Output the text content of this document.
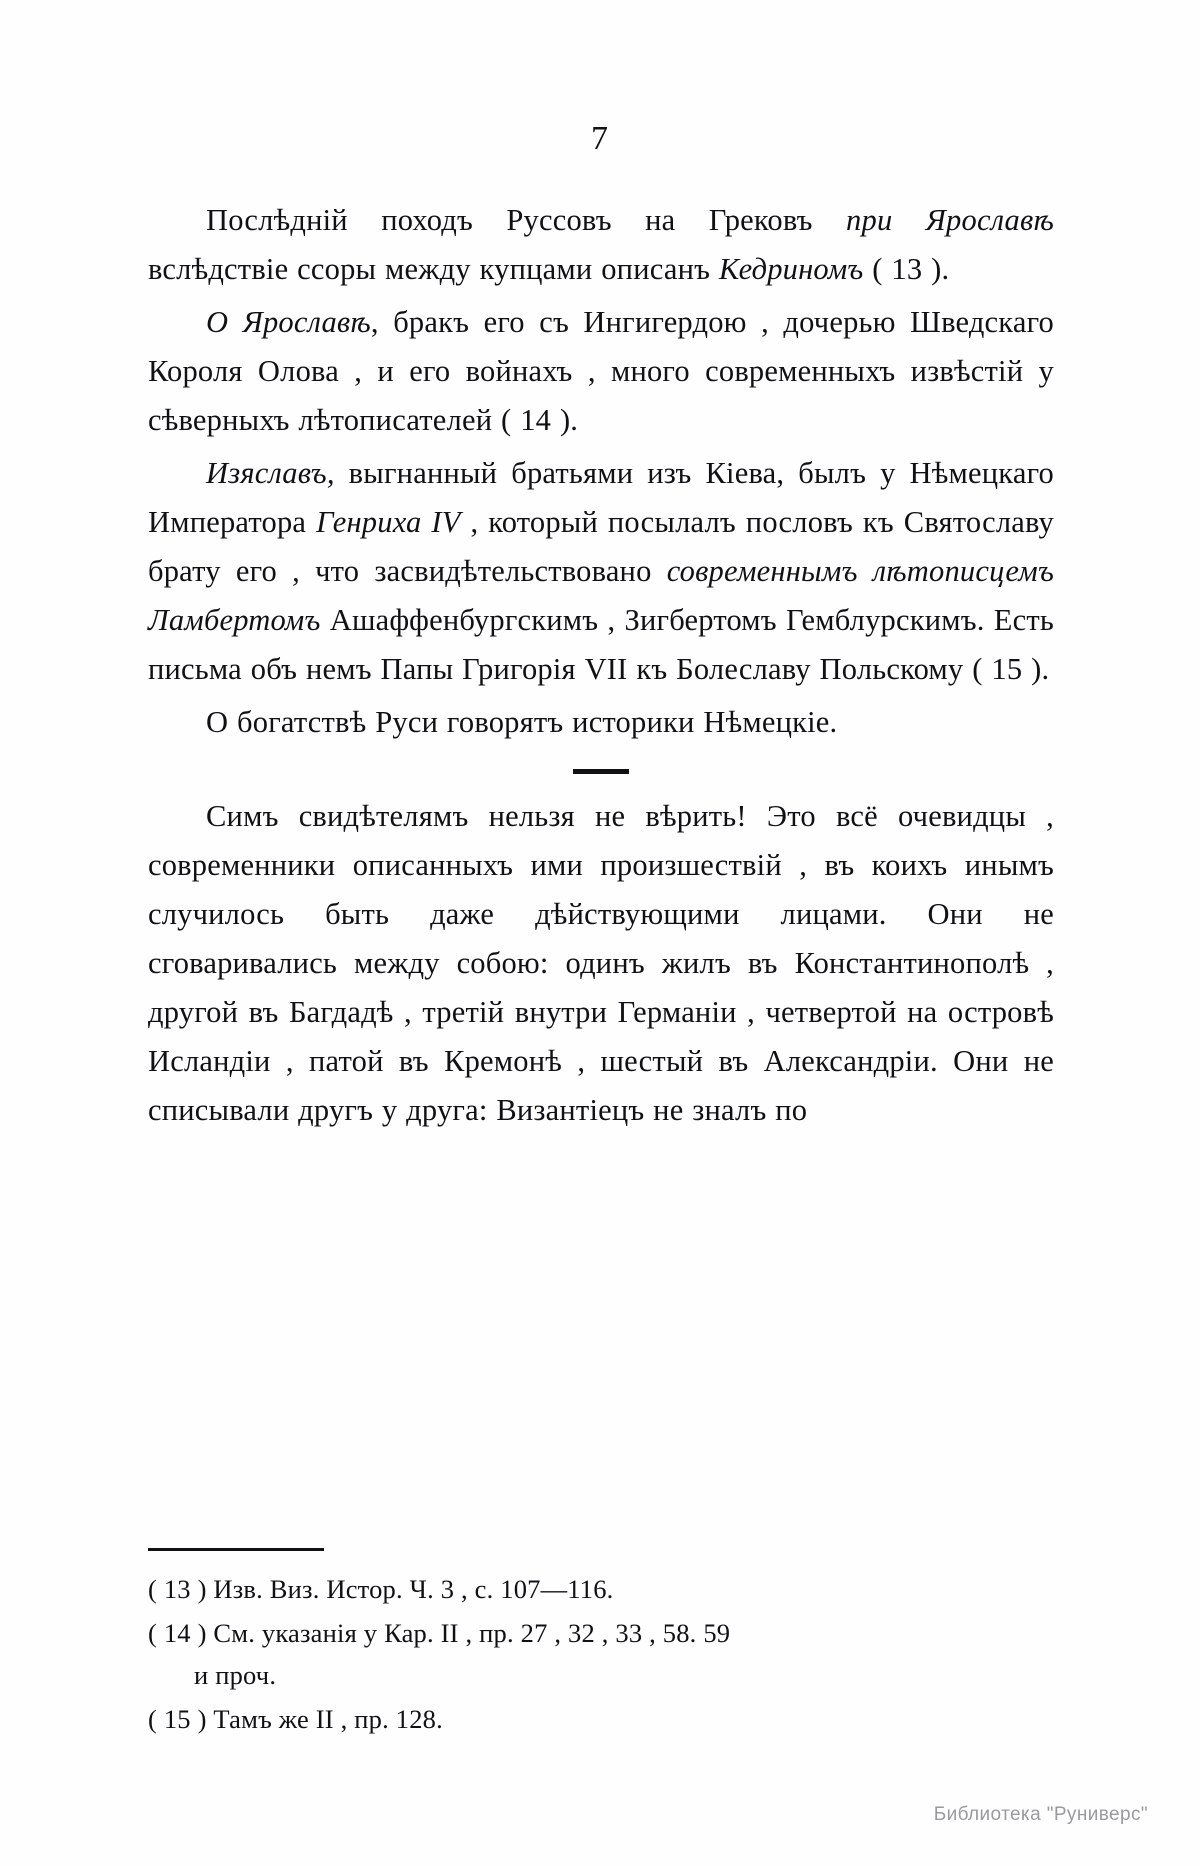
7

Послѣдній походъ Руссовъ на Грековъ при Ярославѣ вслѣдствіе ссоры между купцами описанъ Кедриномъ ( 13 ).

О Ярославѣ, бракъ его съ Ингигердою , дочерью Шведскаго Короля Олова , и его войнахъ , много современныхъ извѣстій у сѣверныхъ лѣтописателей ( 14 ).

Изяславъ, выгнанный братьями изъ Кіева, былъ у Нѣмецкаго Императора Генриха IV , который посылалъ пословъ къ Святославу брату его , что засвидѣтельствовано современнымъ лѣтописцемъ Ламбертомъ Ашаффенбургскимъ , Зигбертомъ Гемблурскимъ. Есть письма объ немъ Папы Григорія VII къ Болеславу Польскому ( 15 ).

О богатствѣ Руси говорятъ историки Нѣмецкіе.

Симъ свидѣтелямъ нельзя не вѣрить! Это всё очевидцы , современники описанныхъ ими произшествій , въ коихъ инымъ случилось быть даже дѣйствующими лицами. Они не сговаривались между собою: одинъ жилъ въ Константинополѣ , другой въ Багдадѣ , третій внутри Германіи , четвертой на островѣ Исландіи , патой въ Кремонѣ , шестый въ Александріи. Они не списывали другъ у друга: Византіецъ не зналъ по

( 13 ) Изв. Виз. Истор. Ч. 3 , с. 107—116.

( 14 ) См. указанія у Кар. II , пр. 27 , 32 , 33 , 58. 59
и проч.

( 15 ) Тамъ же II , пр. 128.

Библиотека "Руниверс"
